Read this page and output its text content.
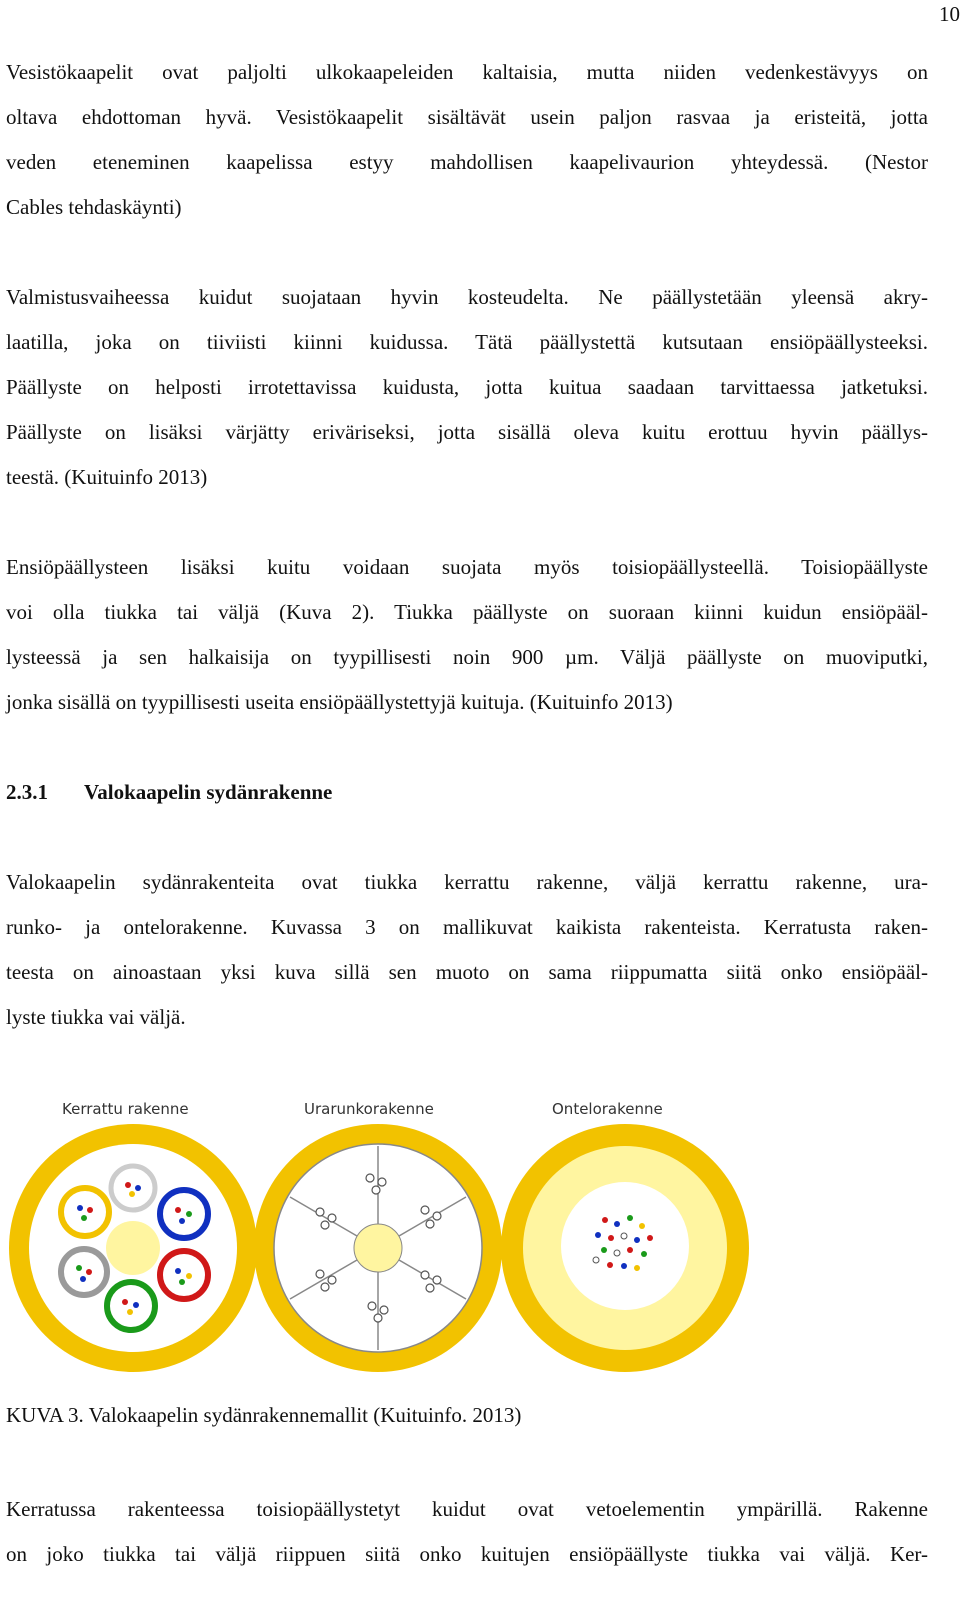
10
Vesistökaapelit ovat paljolti ulkokaapeleiden kaltaisia, mutta niiden vedenkestävyys on
oltava ehdottoman hyvä. Vesistökaapelit sisältävät usein paljon rasvaa ja eristeitä, jotta
veden eteneminen kaapelissa estyy mahdollisen kaapelivaurion yhteydessä. (Nestor
Cables tehdaskäynti)
Valmistusvaiheessa kuidut suojataan hyvin kosteudelta. Ne päällystetään yleensä akry-
laatilla, joka on tiiviisti kiinni kuidussa. Tätä päällystettä kutsutaan ensiöpäällysteeksi.
Päällyste on helposti irrotettavissa kuidusta, jotta kuitua saadaan tarvittaessa jatketuksi.
Päällyste on lisäksi värjätty eriväriseksi, jotta sisällä oleva kuitu erottuu hyvin päällys-
teestä. (Kuituinfo 2013)
Ensiöpäällysteen lisäksi kuitu voidaan suojata myös toisiopäällysteellä. Toisiopäällyste
voi olla tiukka tai väljä (Kuva 2). Tiukka päällyste on suoraan kiinni kuidun ensiöpääl-
lysteessä ja sen halkaisija on tyypillisesti noin 900 µm. Väljä päällyste on muoviputki,
jonka sisällä on tyypillisesti useita ensiöpäällystettyjä kuituja. (Kuituinfo 2013)
2.3.1 Valokaapelin sydänrakenne
Valokaapelin sydänrakenteita ovat tiukka kerrattu rakenne, väljä kerrattu rakenne, ura-
runko- ja ontelorakenne. Kuvassa 3 on mallikuvat kaikista rakenteista. Kerratusta raken-
teesta on ainoastaan yksi kuva sillä sen muoto on sama riippumatta siitä onko ensiöpääl-
lyste tiukka vai väljä.
Kerrattu rakenne	Urarunkorakenne	Ontelorakenne
KUVA 3. Valokaapelin sydänrakennemallit (Kuituinfo. 2013)
Kerratussa rakenteessa toisiopäällystetyt kuidut ovat vetoelementin ympärillä. Rakenne
on joko tiukka tai väljä riippuen siitä onko kuitujen ensiöpäällyste tiukka vai väljä. Ker-
